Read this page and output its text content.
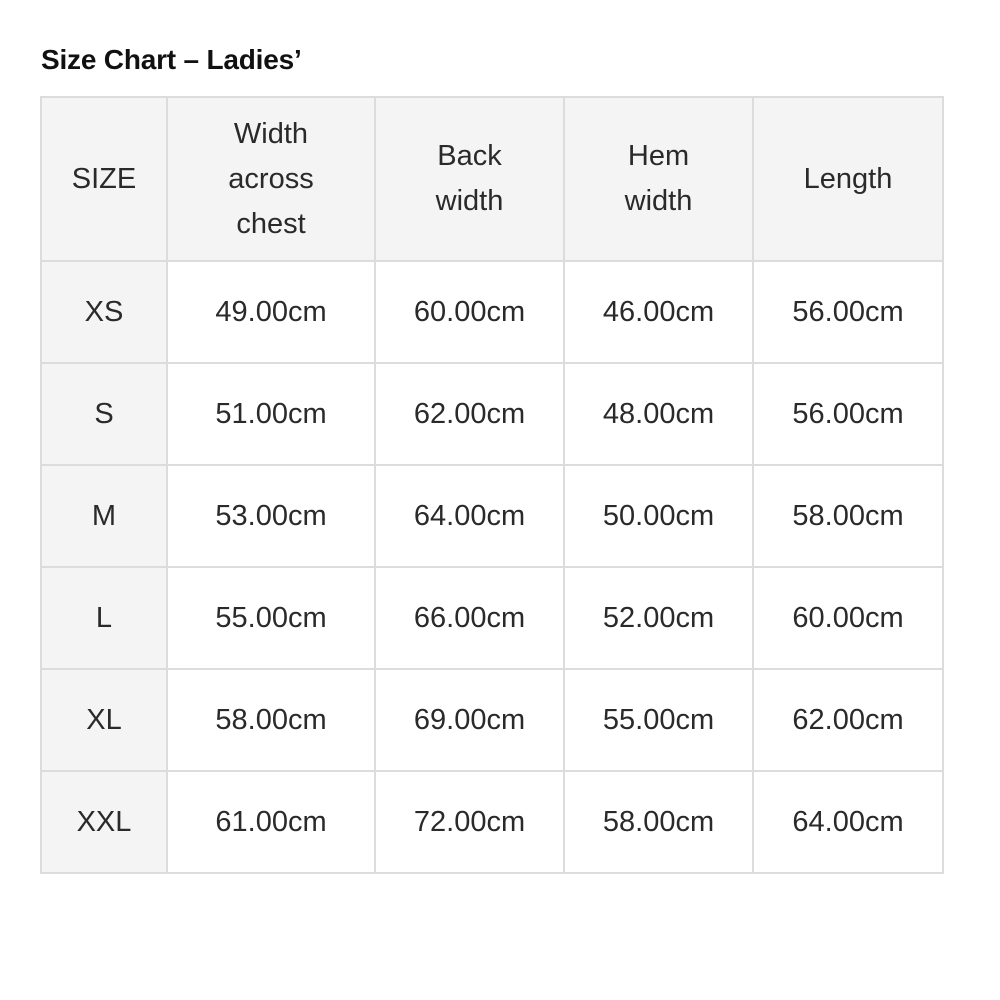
Size Chart – Ladies’
SIZE	Width across chest	Back width	Hem width	Length
XS	49.00cm	60.00cm	46.00cm	56.00cm
S	51.00cm	62.00cm	48.00cm	56.00cm
M	53.00cm	64.00cm	50.00cm	58.00cm
L	55.00cm	66.00cm	52.00cm	60.00cm
XL	58.00cm	69.00cm	55.00cm	62.00cm
XXL	61.00cm	72.00cm	58.00cm	64.00cm
